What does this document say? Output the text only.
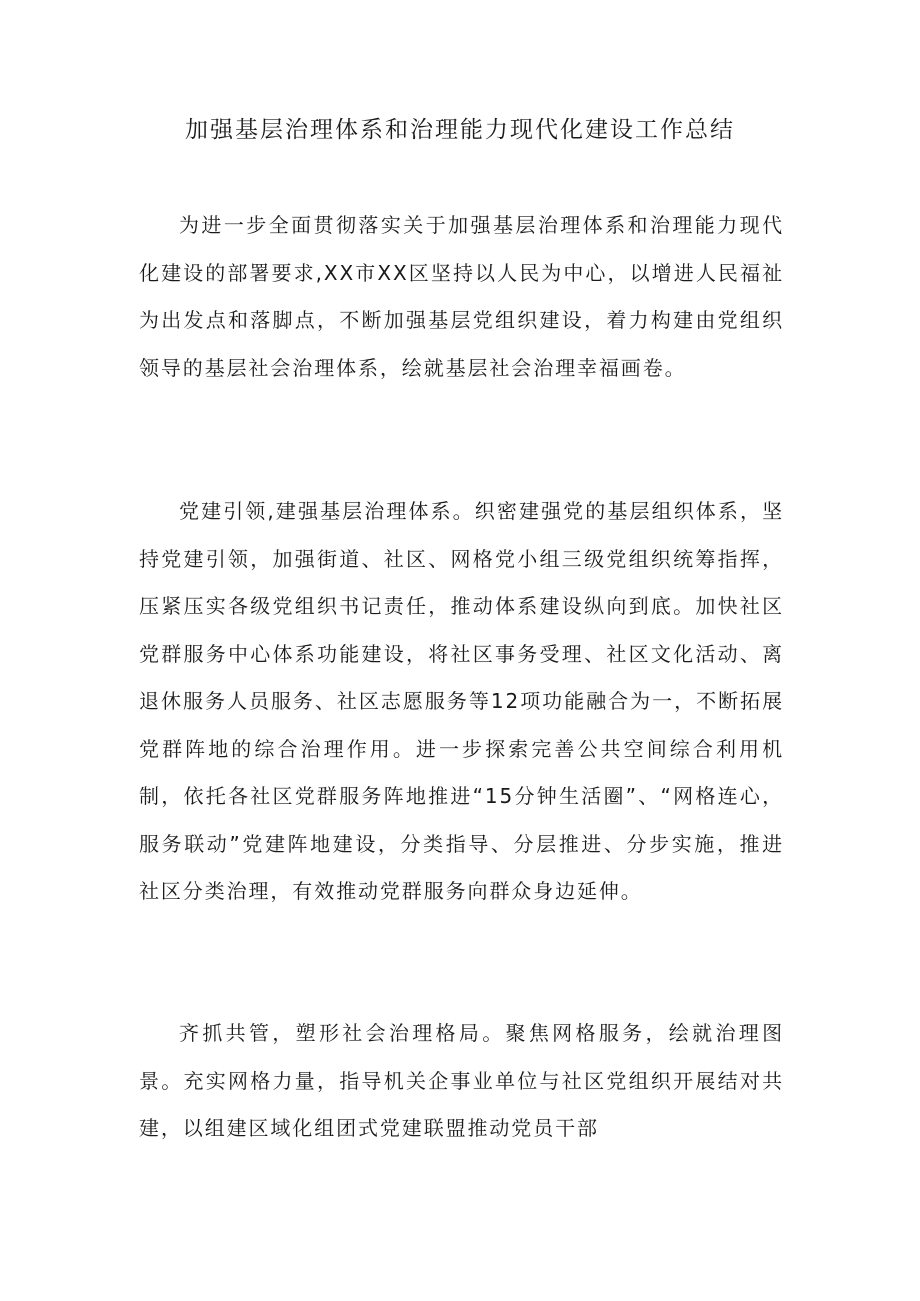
加强基层治理体系和治理能力现代化建设工作总结

为进一步全面贯彻落实关于加强基层治理体系和治理能力现代化建设的部署要求,XX市XX区坚持以人民为中心，以增进人民福祉为出发点和落脚点，不断加强基层党组织建设，着力构建由党组织领导的基层社会治理体系，绘就基层社会治理幸福画卷。

党建引领,建强基层治理体系。织密建强党的基层组织体系，坚持党建引领，加强街道、社区、网格党小组三级党组织统筹指挥，压紧压实各级党组织书记责任，推动体系建设纵向到底。加快社区党群服务中心体系功能建设，将社区事务受理、社区文化活动、离退休服务人员服务、社区志愿服务等12项功能融合为一，不断拓展党群阵地的综合治理作用。进一步探索完善公共空间综合利用机制，依托各社区党群服务阵地推进“15分钟生活圈”、“网格连心，服务联动”党建阵地建设，分类指导、分层推进、分步实施，推进社区分类治理，有效推动党群服务向群众身边延伸。

齐抓共管，塑形社会治理格局。聚焦网格服务，绘就治理图景。充实网格力量，指导机关企事业单位与社区党组织开展结对共建，以组建区域化组团式党建联盟推动党员干部
